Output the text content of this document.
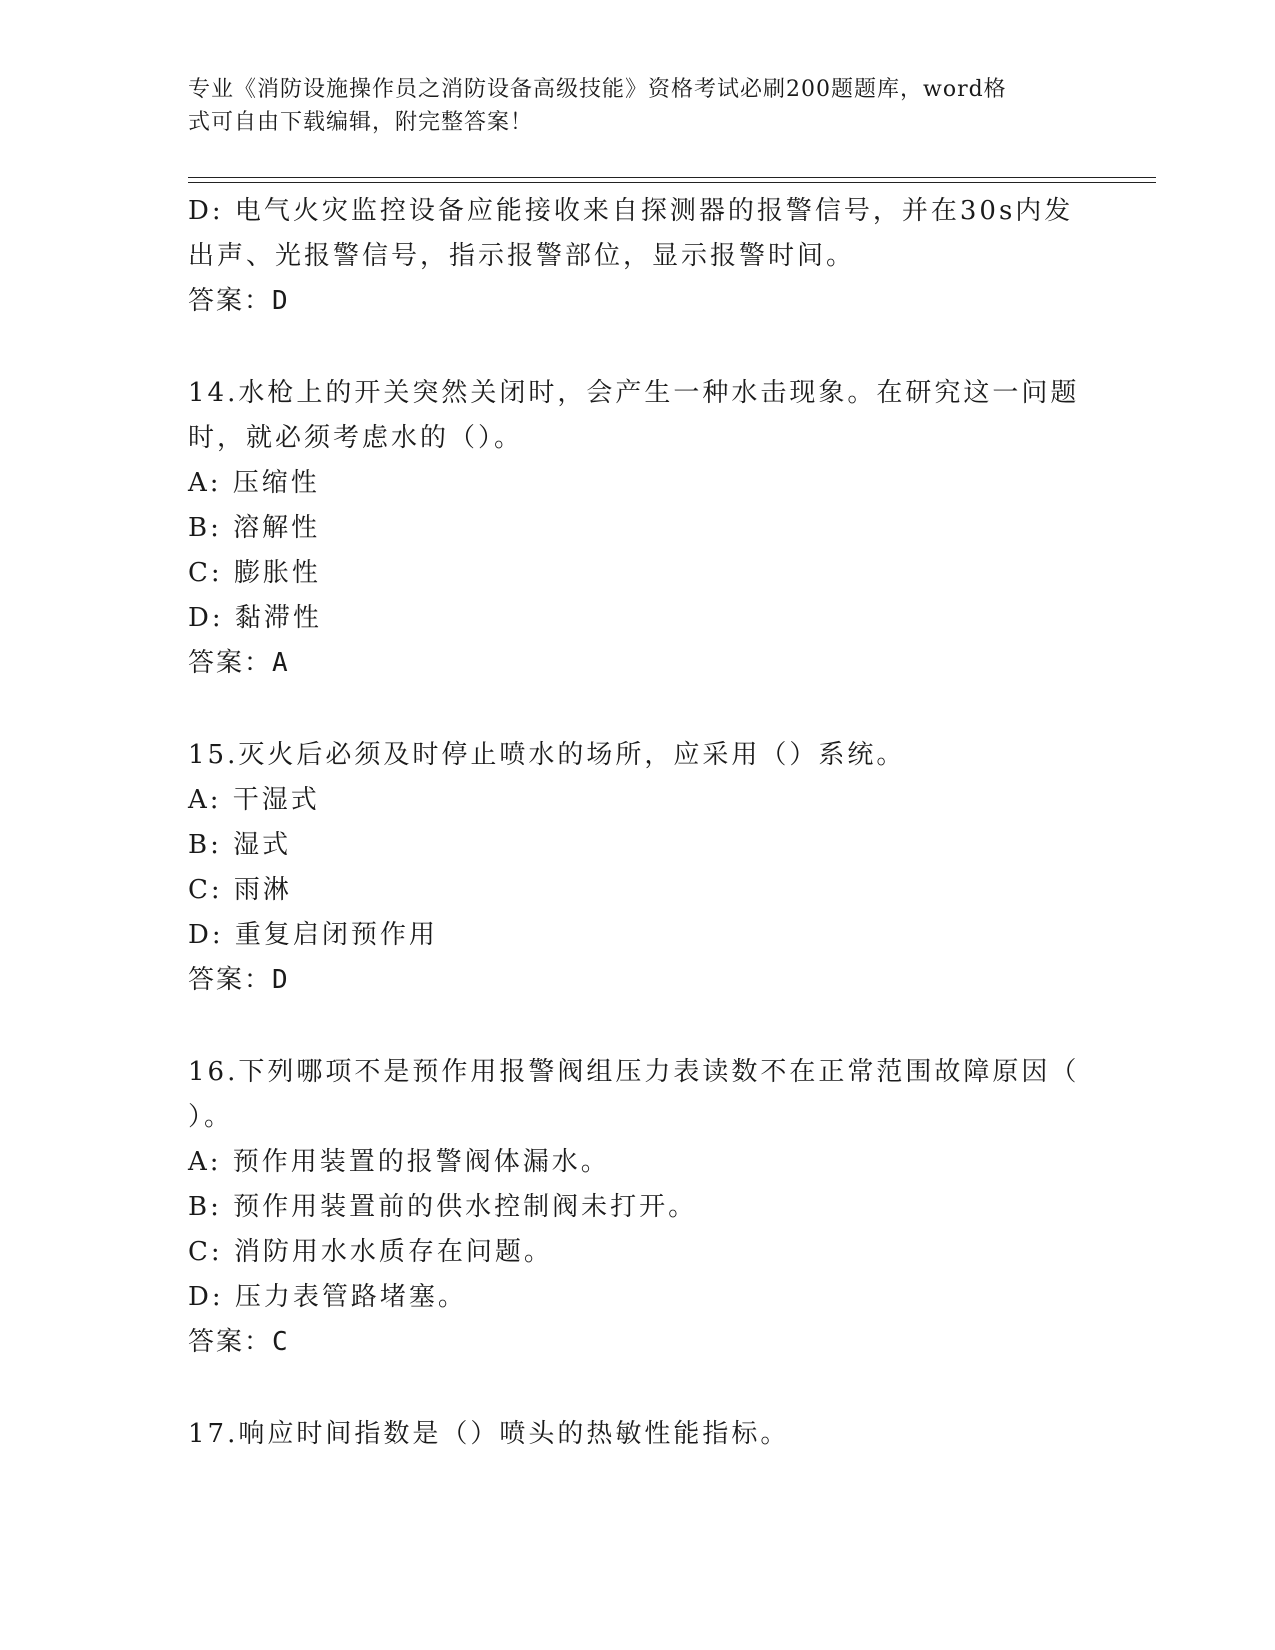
专业《消防设施操作员之消防设备高级技能》资格考试必刷200题题库，word格
式可自由下载编辑，附完整答案！
D: 电气火灾监控设备应能接收来自探测器的报警信号，并在30s内发
出声、光报警信号，指示报警部位，显示报警时间。
答案：D
14.水枪上的开关突然关闭时，会产生一种水击现象。在研究这一问题
时，就必须考虑水的（）。
A: 压缩性
B: 溶解性
C: 膨胀性
D: 黏滞性
答案：A
15.灭火后必须及时停止喷水的场所，应采用（）系统。
A: 干湿式
B: 湿式
C: 雨淋
D: 重复启闭预作用
答案：D
16.下列哪项不是预作用报警阀组压力表读数不在正常范围故障原因（
）。
A: 预作用装置的报警阀体漏水。
B: 预作用装置前的供水控制阀未打开。
C: 消防用水水质存在问题。
D: 压力表管路堵塞。
答案：C
17.响应时间指数是（）喷头的热敏性能指标。
